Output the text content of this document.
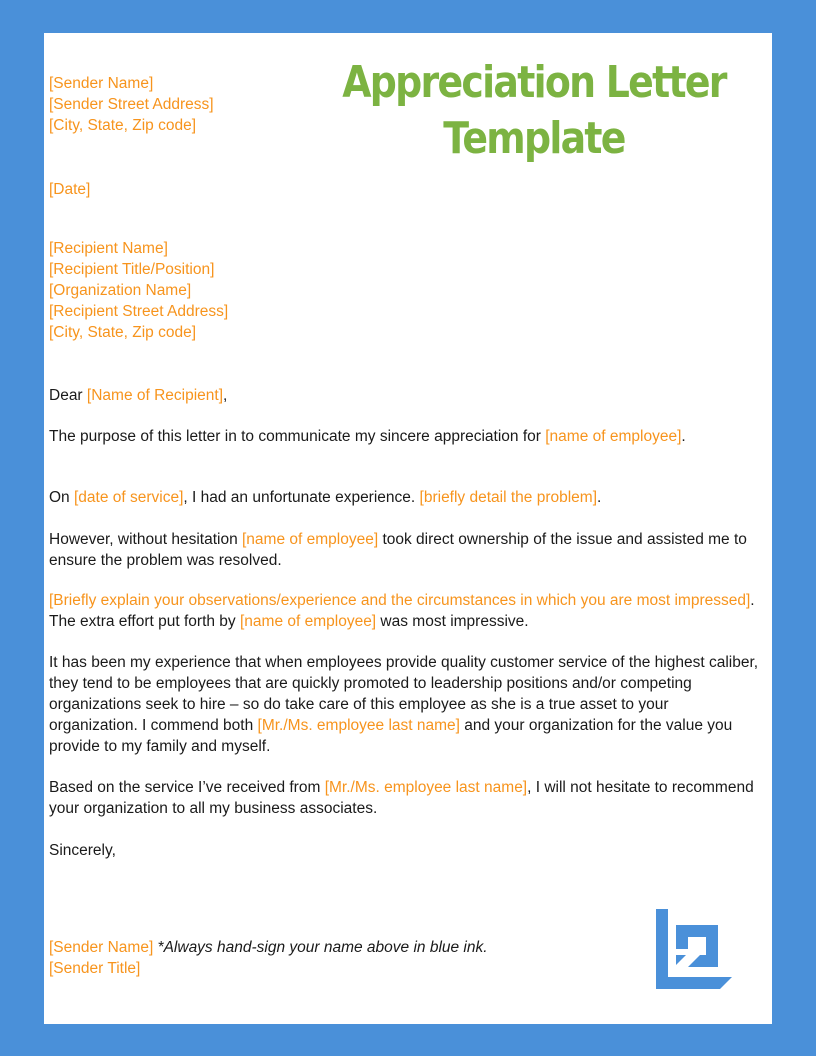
Appreciation Letter
Template
[Sender Name]
[Sender Street Address]
[City, State, Zip code]
[Date]
[Recipient Name]
[Recipient Title/Position]
[Organization Name]
[Recipient Street Address]
[City, State, Zip code]
Dear [Name of Recipient],
The purpose of this letter in to communicate my sincere appreciation for [name of employee].
On [date of service], I had an unfortunate experience. [briefly detail the problem].
However, without hesitation [name of employee] took direct ownership of the issue and assisted me to ensure the problem was resolved.
[Briefly explain your observations/experience and the circumstances in which you are most impressed]. The extra effort put forth by [name of employee] was most impressive.
It has been my experience that when employees provide quality customer service of the highest caliber, they tend to be employees that are quickly promoted to leadership positions and/or competing organizations seek to hire – so do take care of this employee as she is a true asset to your organization. I commend both [Mr./Ms. employee last name] and your organization for the value you provide to my family and myself.
Based on the service I’ve received from [Mr./Ms. employee last name], I will not hesitate to recommend your organization to all my business associates.
Sincerely,
[Sender Name] *Always hand-sign your name above in blue ink.
[Sender Title]
